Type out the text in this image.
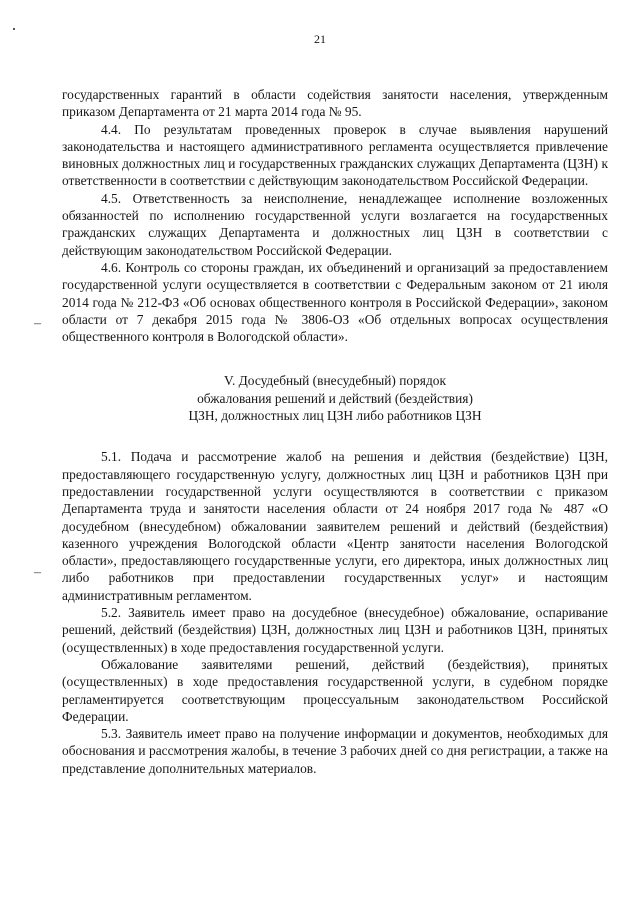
21
–
–

государственных гарантий в области содействия занятости населения, утвержденным приказом Департамента от 21 марта 2014 года № 95.

4.4. По результатам проведенных проверок в случае выявления нарушений законодательства и настоящего административного регламента осуществляется привлечение виновных должностных лиц и государственных гражданских служащих Департамента (ЦЗН) к ответственности в соответствии с действующим законодательством Российской Федерации.

4.5. Ответственность за неисполнение, ненадлежащее исполнение возложенных обязанностей по исполнению государственной услуги возлагается на государственных гражданских служащих Департамента и должностных лиц ЦЗН в соответствии с действующим законодательством Российской Федерации.

4.6. Контроль со стороны граждан, их объединений и организаций за предоставлением государственной услуги осуществляется в соответствии с Федеральным законом от 21 июля 2014 года № 212-ФЗ «Об основах общественного контроля в Российской Федерации», законом области от 7 декабря 2015 года № 3806-ОЗ «Об отдельных вопросах осуществления общественного контроля в Вологодской области».

V. Досудебный (внесудебный) порядок
обжалования решений и действий (бездействия)
ЦЗН, должностных лиц ЦЗН либо работников ЦЗН

5.1. Подача и рассмотрение жалоб на решения и действия (бездействие) ЦЗН, предоставляющего государственную услугу, должностных лиц ЦЗН и работников ЦЗН при предоставлении государственной услуги осуществляются в соответствии с приказом Департамента труда и занятости населения области от 24 ноября 2017 года № 487 «О досудебном (внесудебном) обжаловании заявителем решений и действий (бездействия) казенного учреждения Вологодской области «Центр занятости населения Вологодской области», предоставляющего государственные услуги, его директора, иных должностных лиц либо работников при предоставлении государственных услуг» и настоящим административным регламентом.

5.2. Заявитель имеет право на досудебное (внесудебное) обжалование, оспаривание решений, действий (бездействия) ЦЗН, должностных лиц ЦЗН и работников ЦЗН, принятых (осуществленных) в ходе предоставления государственной услуги.

Обжалование заявителями решений, действий (бездействия), принятых (осуществленных) в ходе предоставления государственной услуги, в судебном порядке регламентируется соответствующим процессуальным законодательством Российской Федерации.

5.3. Заявитель имеет право на получение информации и документов, необходимых для обоснования и рассмотрения жалобы, в течение 3 рабочих дней со дня регистрации, а также на представление дополнительных материалов.
